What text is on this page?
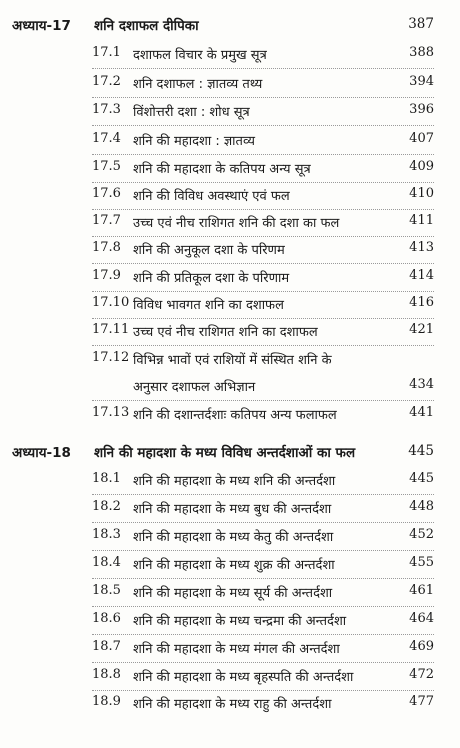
अध्याय-17 शनि दशाफल दीपिका	387
17.1 दशाफल विचार के प्रमुख सूत्र	388
17.2 शनि दशाफल : ज्ञातव्य तथ्य	394
17.3 विंशोत्तरी दशा : शोध सूत्र	396
17.4 शनि की महादशा : ज्ञातव्य	407
17.5 शनि की महादशा के कतिपय अन्य सूत्र	409
17.6 शनि की विविध अवस्थाएं एवं फल	410
17.7 उच्च एवं नीच राशिगत शनि की दशा का फल	411
17.8 शनि की अनुकूल दशा के परिणम	413
17.9 शनि की प्रतिकूल दशा के परिणाम	414
17.10 विविध भावगत शनि का दशाफल	416
17.11 उच्च एवं नीच राशिगत शनि का दशाफल	421
17.12 विभिन्न भावों एवं राशियों में संस्थित शनि के
अनुसार दशाफल अभिज्ञान	434
17.13 शनि की दशान्तर्दशाः कतिपय अन्य फलाफल	441
अध्याय-18 शनि की महादशा के मध्य विविध अन्तर्दशाओं का फल	445
18.1 शनि की महादशा के मध्य शनि की अन्तर्दशा	445
18.2 शनि की महादशा के मध्य बुध की अन्तर्दशा	448
18.3 शनि की महादशा के मध्य केतु की अन्तर्दशा	452
18.4 शनि की महादशा के मध्य शुक्र की अन्तर्दशा	455
18.5 शनि की महादशा के मध्य सूर्य की अन्तर्दशा	461
18.6 शनि की महादशा के मध्य चन्द्रमा की अन्तर्दशा	464
18.7 शनि की महादशा के मध्य मंगल की अन्तर्दशा	469
18.8 शनि की महादशा के मध्य बृहस्पति की अन्तर्दशा	472
18.9 शनि की महादशा के मध्य राहु की अन्तर्दशा	477
